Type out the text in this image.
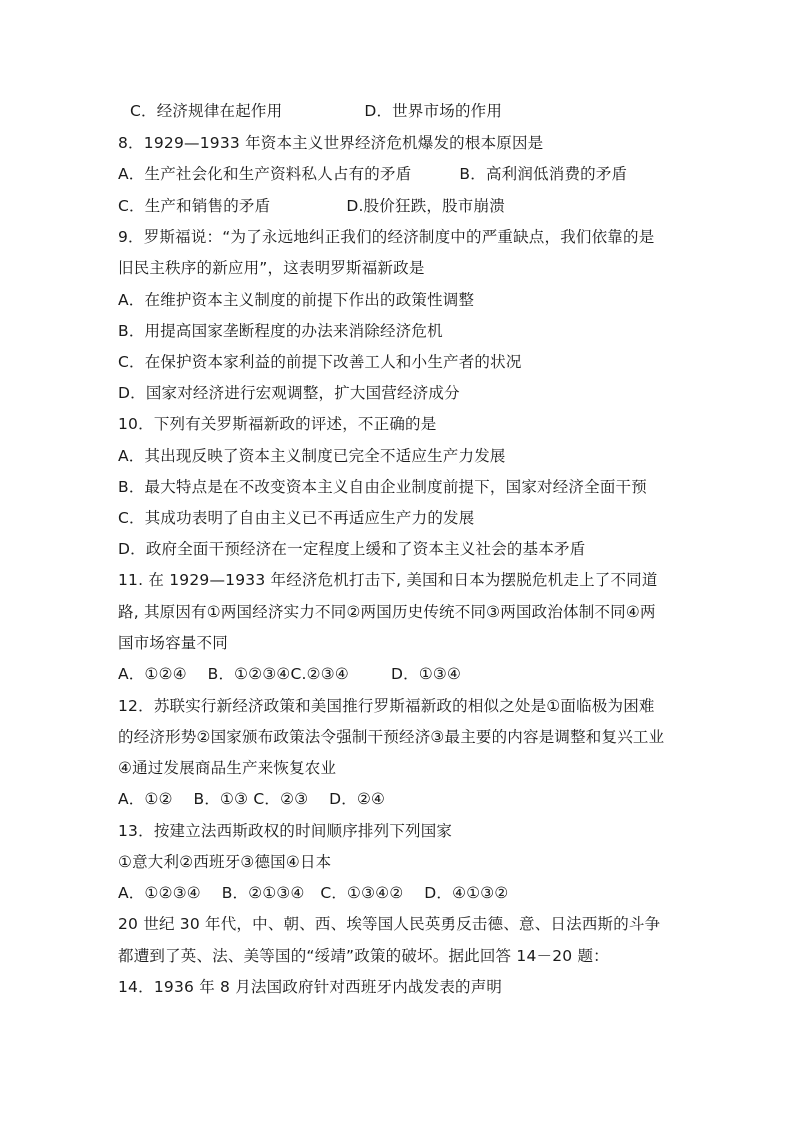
C．经济规律在起作用	D．世界市场的作用
8．1929—1933 年资本主义世界经济危机爆发的根本原因是
A．生产社会化和生产资料私人占有的矛盾	B．高利润低消费的矛盾
C．生产和销售的矛盾	D.股价狂跌，股市崩溃
9．罗斯福说：“为了永远地纠正我们的经济制度中的严重缺点，我们依靠的是
旧民主秩序的新应用”，这表明罗斯福新政是
A．在维护资本主义制度的前提下作出的政策性调整
B．用提高国家垄断程度的办法来消除经济危机
C．在保护资本家利益的前提下改善工人和小生产者的状况
D．国家对经济进行宏观调整，扩大国营经济成分
10．下列有关罗斯福新政的评述，不正确的是
A．其出现反映了资本主义制度已完全不适应生产力发展
B．最大特点是在不改变资本主义自由企业制度前提下，国家对经济全面干预
C．其成功表明了自由主义已不再适应生产力的发展
D．政府全面干预经济在一定程度上缓和了资本主义社会的基本矛盾
11. 在 1929—1933 年经济危机打击下, 美国和日本为摆脱危机走上了不同道
路, 其原因有①两国经济实力不同②两国历史传统不同③两国政治体制不同④两
国市场容量不同
A．①②④　 B．①②③④C.②③④	D．①③④
12．苏联实行新经济政策和美国推行罗斯福新政的相似之处是①面临极为困难
的经济形势②国家颁布政策法令强制干预经济③最主要的内容是调整和复兴工业
④通过发展商品生产来恢复农业
A．①②　 B．①③ C．②③　 D．②④
13．按建立法西斯政权的时间顺序排列下列国家
①意大利②西班牙③德国④日本
A．①②③④　 B．②①③④　C．①③④②　 D．④①③②
20 世纪 30 年代，中、朝、西、埃等国人民英勇反击德、意、日法西斯的斗争
都遭到了英、法、美等国的“绥靖”政策的破坏。据此回答 14－20 题：
14．1936 年 8 月法国政府针对西班牙内战发表的声明
